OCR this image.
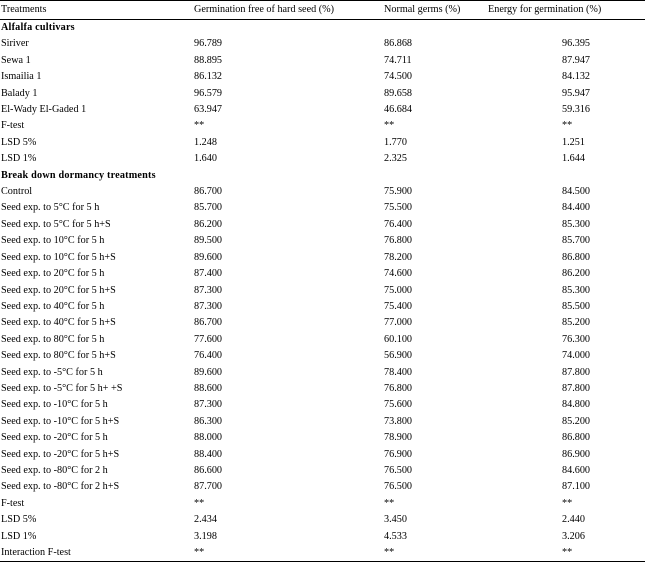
Treatments	Germination free of hard seed (%)	Normal germs (%)	Energy for germination (%)
Alfalfa cultivars			
Siriver	96.789	86.868	96.395
Sewa 1	88.895	74.711	87.947
Ismailia 1	86.132	74.500	84.132
Balady 1	96.579	89.658	95.947
El-Wady El-Gaded 1	63.947	46.684	59.316
F-test	**	**	**
LSD 5%	1.248	1.770	1.251
LSD 1%	1.640	2.325	1.644
Break down dormancy treatments			
Control	86.700	75.900	84.500
Seed exp. to 5°C for 5 h	85.700	75.500	84.400
Seed exp. to 5°C for 5 h+S	86.200	76.400	85.300
Seed exp. to 10°C for 5 h	89.500	76.800	85.700
Seed exp. to 10°C for 5 h+S	89.600	78.200	86.800
Seed exp. to 20°C for 5 h	87.400	74.600	86.200
Seed exp. to 20°C for 5 h+S	87.300	75.000	85.300
Seed exp. to 40°C for 5 h	87.300	75.400	85.500
Seed exp. to 40°C for 5 h+S	86.700	77.000	85.200
Seed exp. to 80°C for 5 h	77.600	60.100	76.300
Seed exp. to 80°C for 5 h+S	76.400	56.900	74.000
Seed exp. to -5°C for 5 h	89.600	78.400	87.800
Seed exp. to -5°C for 5 h+ +S	88.600	76.800	87.800
Seed exp. to -10°C for 5 h	87.300	75.600	84.800
Seed exp. to -10°C for 5 h+S	86.300	73.800	85.200
Seed exp. to -20°C for 5 h	88.000	78.900	86.800
Seed exp. to -20°C for 5 h+S	88.400	76.900	86.900
Seed exp. to -80°C for 2 h	86.600	76.500	84.600
Seed exp. to -80°C for 2 h+S	87.700	76.500	87.100
F-test	**	**	**
LSD 5%	2.434	3.450	2.440
LSD 1%	3.198	4.533	3.206
Interaction F-test	**	**	**
